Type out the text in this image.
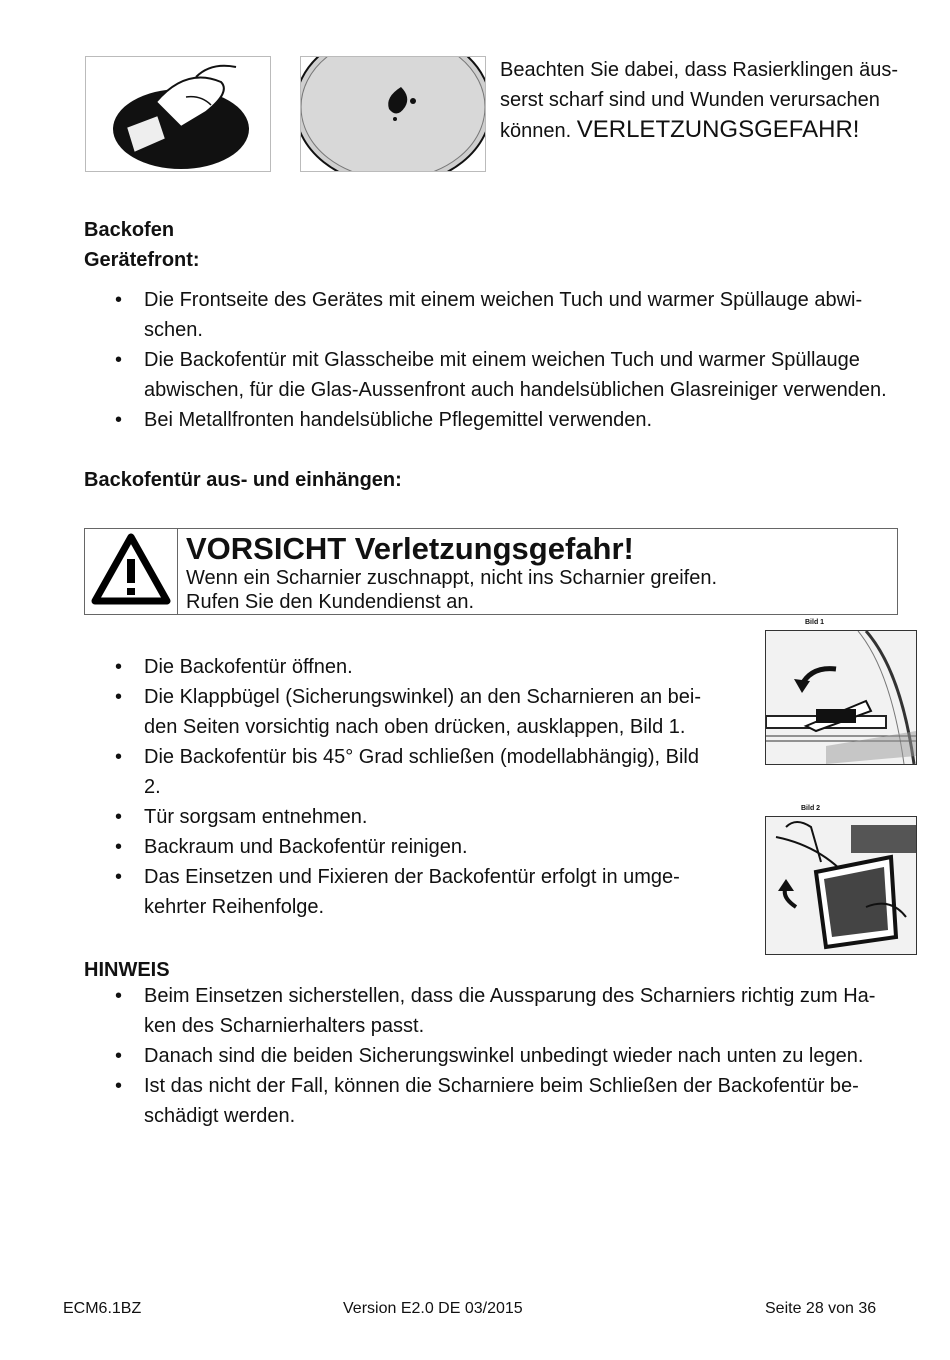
Beachten Sie dabei, dass Rasierklingen äus-
serst scharf sind und Wunden verursachen
können. VERLETZUNGSGEFAHR!
Backofen
Gerätefront:
• Die Frontseite des Gerätes mit einem weichen Tuch und warmer Spüllauge abwi-
schen.
• Die Backofentür mit Glasscheibe mit einem weichen Tuch und warmer Spüllauge
abwischen, für die Glas-Aussenfront auch handelsüblichen Glasreiniger verwenden.
• Bei Metallfronten handelsübliche Pflegemittel verwenden.
Backofentür aus- und einhängen:
VORSICHT Verletzungsgefahr!
Wenn ein Scharnier zuschnappt, nicht ins Scharnier greifen.
Rufen Sie den Kundendienst an.
• Die Backofentür öffnen.
• Die Klappbügel (Sicherungswinkel) an den Scharnieren an bei-
den Seiten vorsichtig nach oben drücken, ausklappen, Bild 1.
• Die Backofentür bis 45° Grad schließen (modellabhängig), Bild
2.
• Tür sorgsam entnehmen.
• Backraum und Backofentür reinigen.
• Das Einsetzen und Fixieren der Backofentür erfolgt in umge-
kehrter Reihenfolge.
Bild 1
Bild 2
HINWEIS
• Beim Einsetzen sicherstellen, dass die Aussparung des Scharniers richtig zum Ha-
ken des Scharnierhalters passt.
• Danach sind die beiden Sicherungswinkel unbedingt wieder nach unten zu legen.
• Ist das nicht der Fall, können die Scharniere beim Schließen der Backofentür be-
schädigt werden.
ECM6.1BZ	Version E2.0 DE 03/2015	Seite 28 von 36
